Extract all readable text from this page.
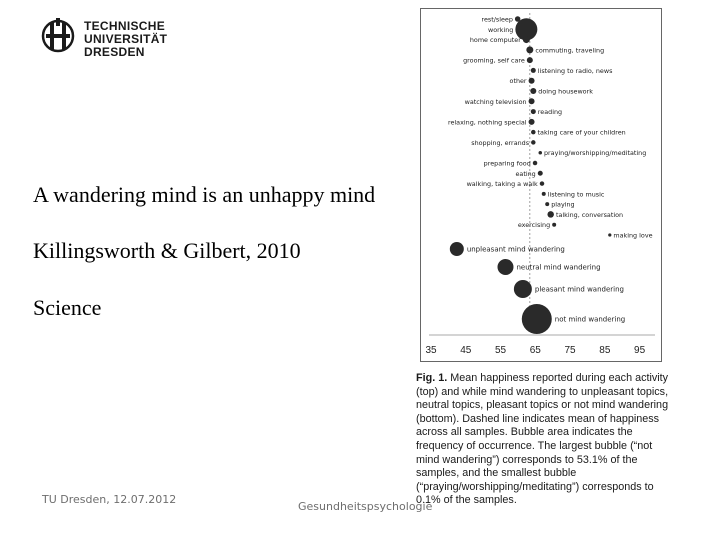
TECHNISCHE
UNIVERSITÄT
DRESDEN
A wandering mind is an unhappy mind
Killingsworth & Gilbert, 2010
Science
rest/sleep
working
home computer
commuting, traveling
grooming, self care
listening to radio, news
other
doing housework
watching television
reading
relaxing, nothing special
taking care of your children
shopping, errands
praying/worshipping/meditating
preparing food
eating
walking, taking a walk
listening to music
playing
talking, conversation
exercising
making love
unpleasant mind wandering
neutral mind wandering
pleasant mind wandering
not mind wandering
35 45 55 65 75 85 95
Fig. 1. Mean happiness reported during each activity (top) and while mind wandering to unpleasant topics, neutral topics, pleasant topics or not mind wandering (bottom). Dashed line indicates mean of happiness across all samples. Bubble area indicates the frequency of occurrence. The largest bubble (“not mind wandering”) corresponds to 53.1% of the samples, and the smallest bubble (“praying/worshipping/meditating”) corresponds to 0.1% of the samples.
TU Dresden, 12.07.2012
Gesundheitspsychologie
